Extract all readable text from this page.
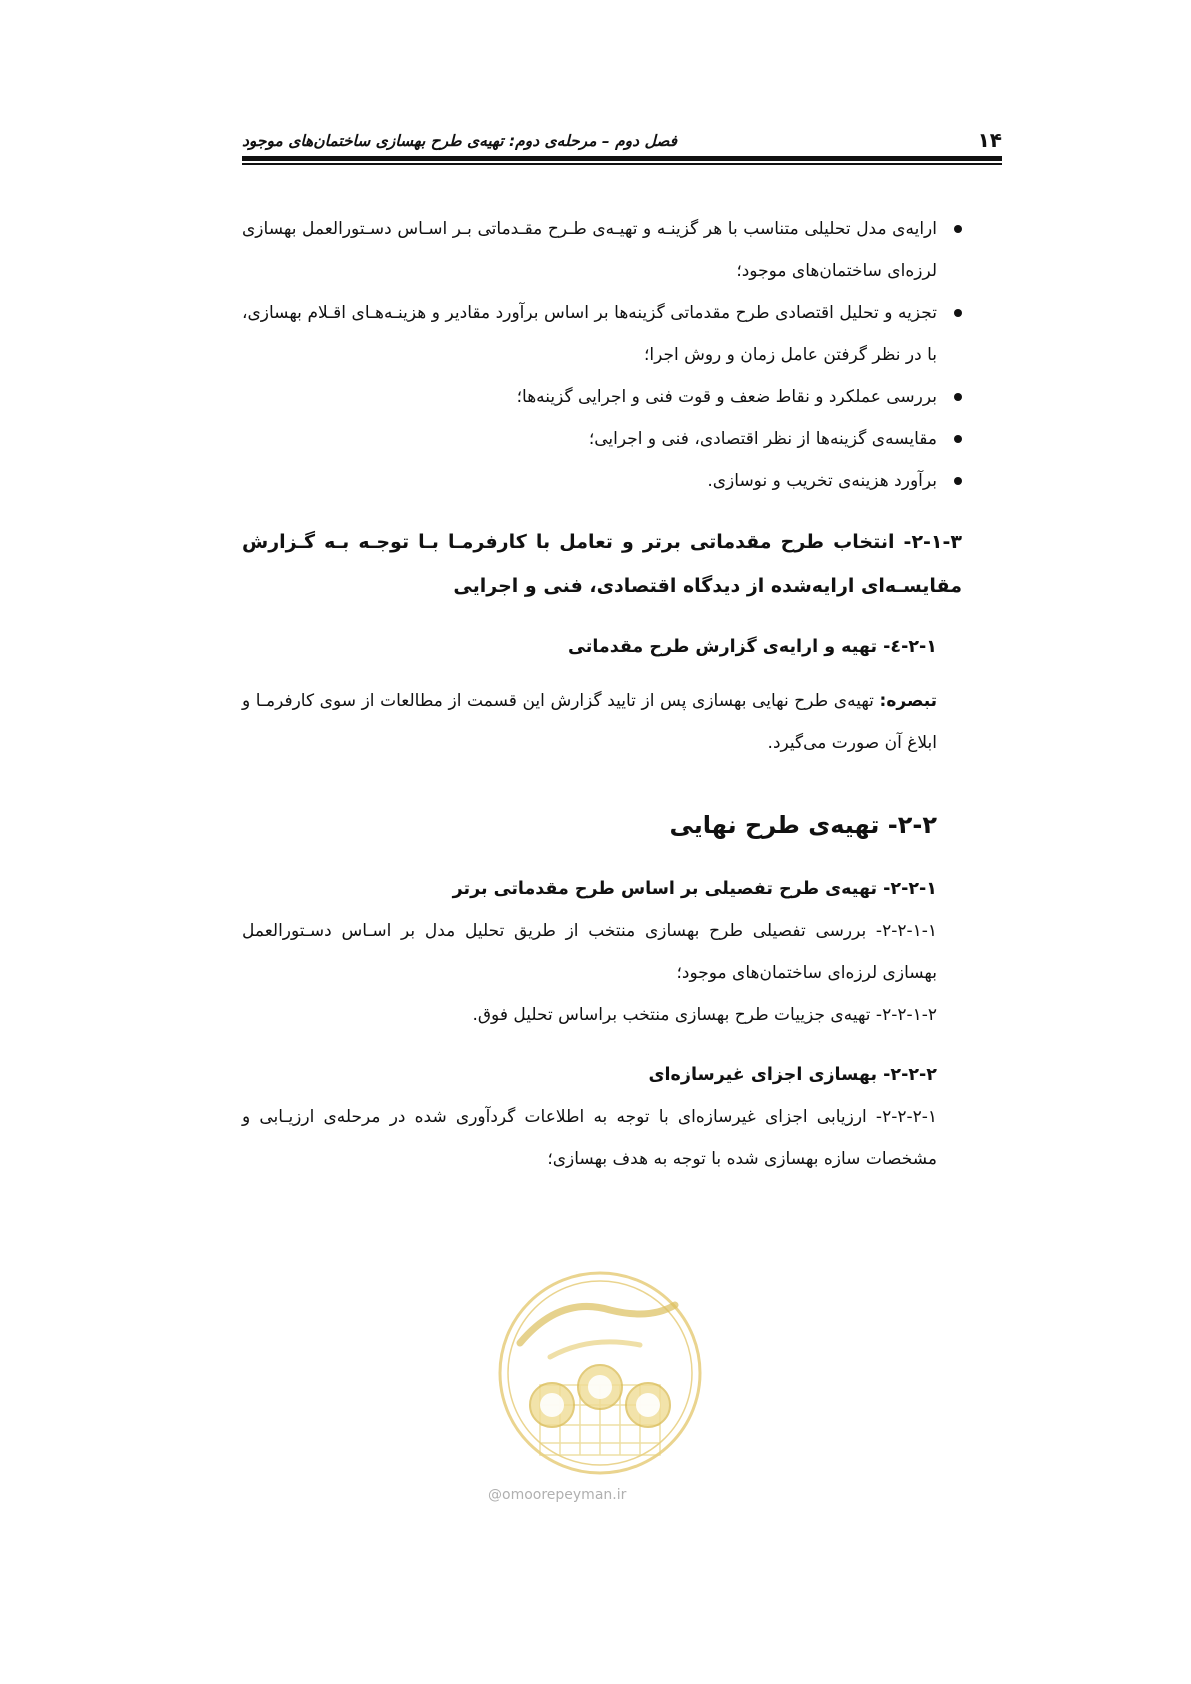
۱۴
فصل دوم – مرحله‌ی دوم: تهیه‌ی طرح بهسازی ساختمان‌های موجود
ارایه‌ی مدل تحلیلی متناسب با هر گزینـه و تهیـه‌ی طـرح مقـدماتی بـر اسـاس دسـتورالعمل بهسازی لرزه‌ای ساختمان‌های موجود؛
تجزیه و تحلیل اقتصادی طرح مقدماتی گزینه‌ها بر اساس برآورد مقادیر و هزینـه‌هـای اقـلام بهسازی، با در نظر گرفتن عامل زمان و روش اجرا؛
بررسی عملکرد و نقاط ضعف و قوت فنی و اجرایی گزینه‌ها؛
مقایسه‌ی گزینه‌ها از نظر اقتصادی، فنی و اجرایی؛
برآورد هزینه‌ی تخریب و نوسازی.
۲-۱-۳- انتخاب طرح مقدماتی برتر و تعامل با کارفرمـا بـا توجـه بـه گـزارش مقایسـه‌ای ارایه‌شده از دیدگاه اقتصادی، فنی و اجرایی
۲-۱-٤- تهیه و ارایه‌ی گزارش طرح مقدماتی
تبصره: تهیه‌ی طرح نهایی بهسازی پس از تایید گزارش این قسمت از مطالعات از سوی کارفرمـا و ابلاغ آن صورت می‌گیرد.
۲-۲- تهیه‌ی طرح نهایی
۲-۲-۱- تهیه‌ی طرح تفصیلی بر اساس طرح مقدماتی برتر
۲-۲-۱-۱- بررسی تفصیلی طرح بهسازی منتخب از طریق تحلیل مدل بر اسـاس دسـتورالعمل بهسازی لرزه‌ای ساختمان‌های موجود؛
۲-۲-۱-۲- تهیه‌ی جزییات طرح بهسازی منتخب براساس تحلیل فوق.
۲-۲-۲- بهسازی اجزای غیرسازه‌ای
۲-۲-۲-۱- ارزیابی اجزای غیرسازه‌ای با توجه به اطلاعات گردآوری شده در مرحله‌ی ارزیـابی و مشخصات سازه بهسازی شده با توجه به هدف بهسازی؛
@omoorepeyman.ir
